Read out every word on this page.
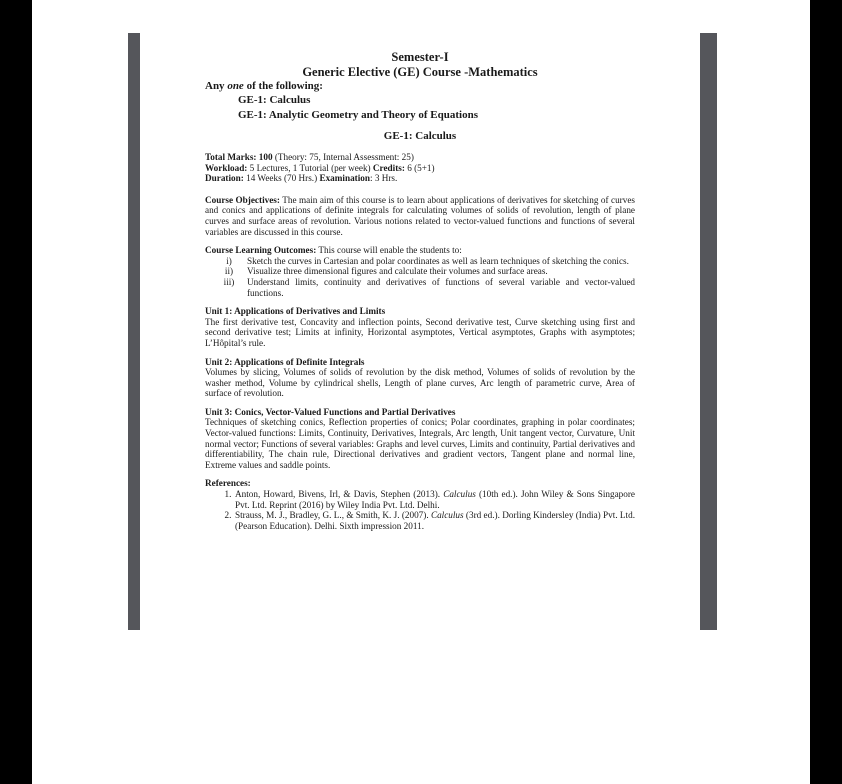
Semester-I
Generic Elective (GE) Course -Mathematics
Any one of the following:
GE-1: Calculus
GE-1: Analytic Geometry and Theory of Equations
GE-1: Calculus

Total Marks: 100 (Theory: 75, Internal Assessment: 25)

Workload: 5 Lectures, 1 Tutorial (per week) Credits: 6 (5+1)

Duration: 14 Weeks (70 Hrs.) Examination: 3 Hrs.

Course Objectives: The main aim of this course is to learn about applications of derivatives for sketching of curves and conics and applications of definite integrals for calculating volumes of solids of revolution, length of plane curves and surface areas of revolution. Various notions related to vector-valued functions and functions of several variables are discussed in this course.

Course Learning Outcomes: This course will enable the students to:

i)	Sketch the curves in Cartesian and polar coordinates as well as learn techniques of sketching the conics.
ii)	Visualize three dimensional figures and calculate their volumes and surface areas.
iii)	Understand limits, continuity and derivatives of functions of several variable and vector-valued functions.

Unit 1: Applications of Derivatives and Limits

The first derivative test, Concavity and inflection points, Second derivative test, Curve sketching using first and second derivative test; Limits at infinity, Horizontal asymptotes, Vertical asymptotes, Graphs with asymptotes; L’Hôpital’s rule.

Unit 2: Applications of Definite Integrals

Volumes by slicing, Volumes of solids of revolution by the disk method, Volumes of solids of revolution by the washer method, Volume by cylindrical shells, Length of plane curves, Arc length of parametric curve, Area of surface of revolution.

Unit 3: Conics, Vector-Valued Functions and Partial Derivatives

Techniques of sketching conics, Reflection properties of conics; Polar coordinates, graphing in polar coordinates; Vector-valued functions: Limits, Continuity, Derivatives, Integrals, Arc length, Unit tangent vector, Curvature, Unit normal vector; Functions of several variables: Graphs and level curves, Limits and continuity, Partial derivatives and differentiability, The chain rule, Directional derivatives and gradient vectors, Tangent plane and normal line, Extreme values and saddle points.

References:

1. Anton, Howard, Bivens, Irl, & Davis, Stephen (2013). Calculus (10th ed.). John Wiley & Sons Singapore Pvt. Ltd. Reprint (2016) by Wiley India Pvt. Ltd. Delhi.
2. Strauss, M. J., Bradley, G. L., & Smith, K. J. (2007). Calculus (3rd ed.). Dorling Kindersley (India) Pvt. Ltd. (Pearson Education). Delhi. Sixth impression 2011.
